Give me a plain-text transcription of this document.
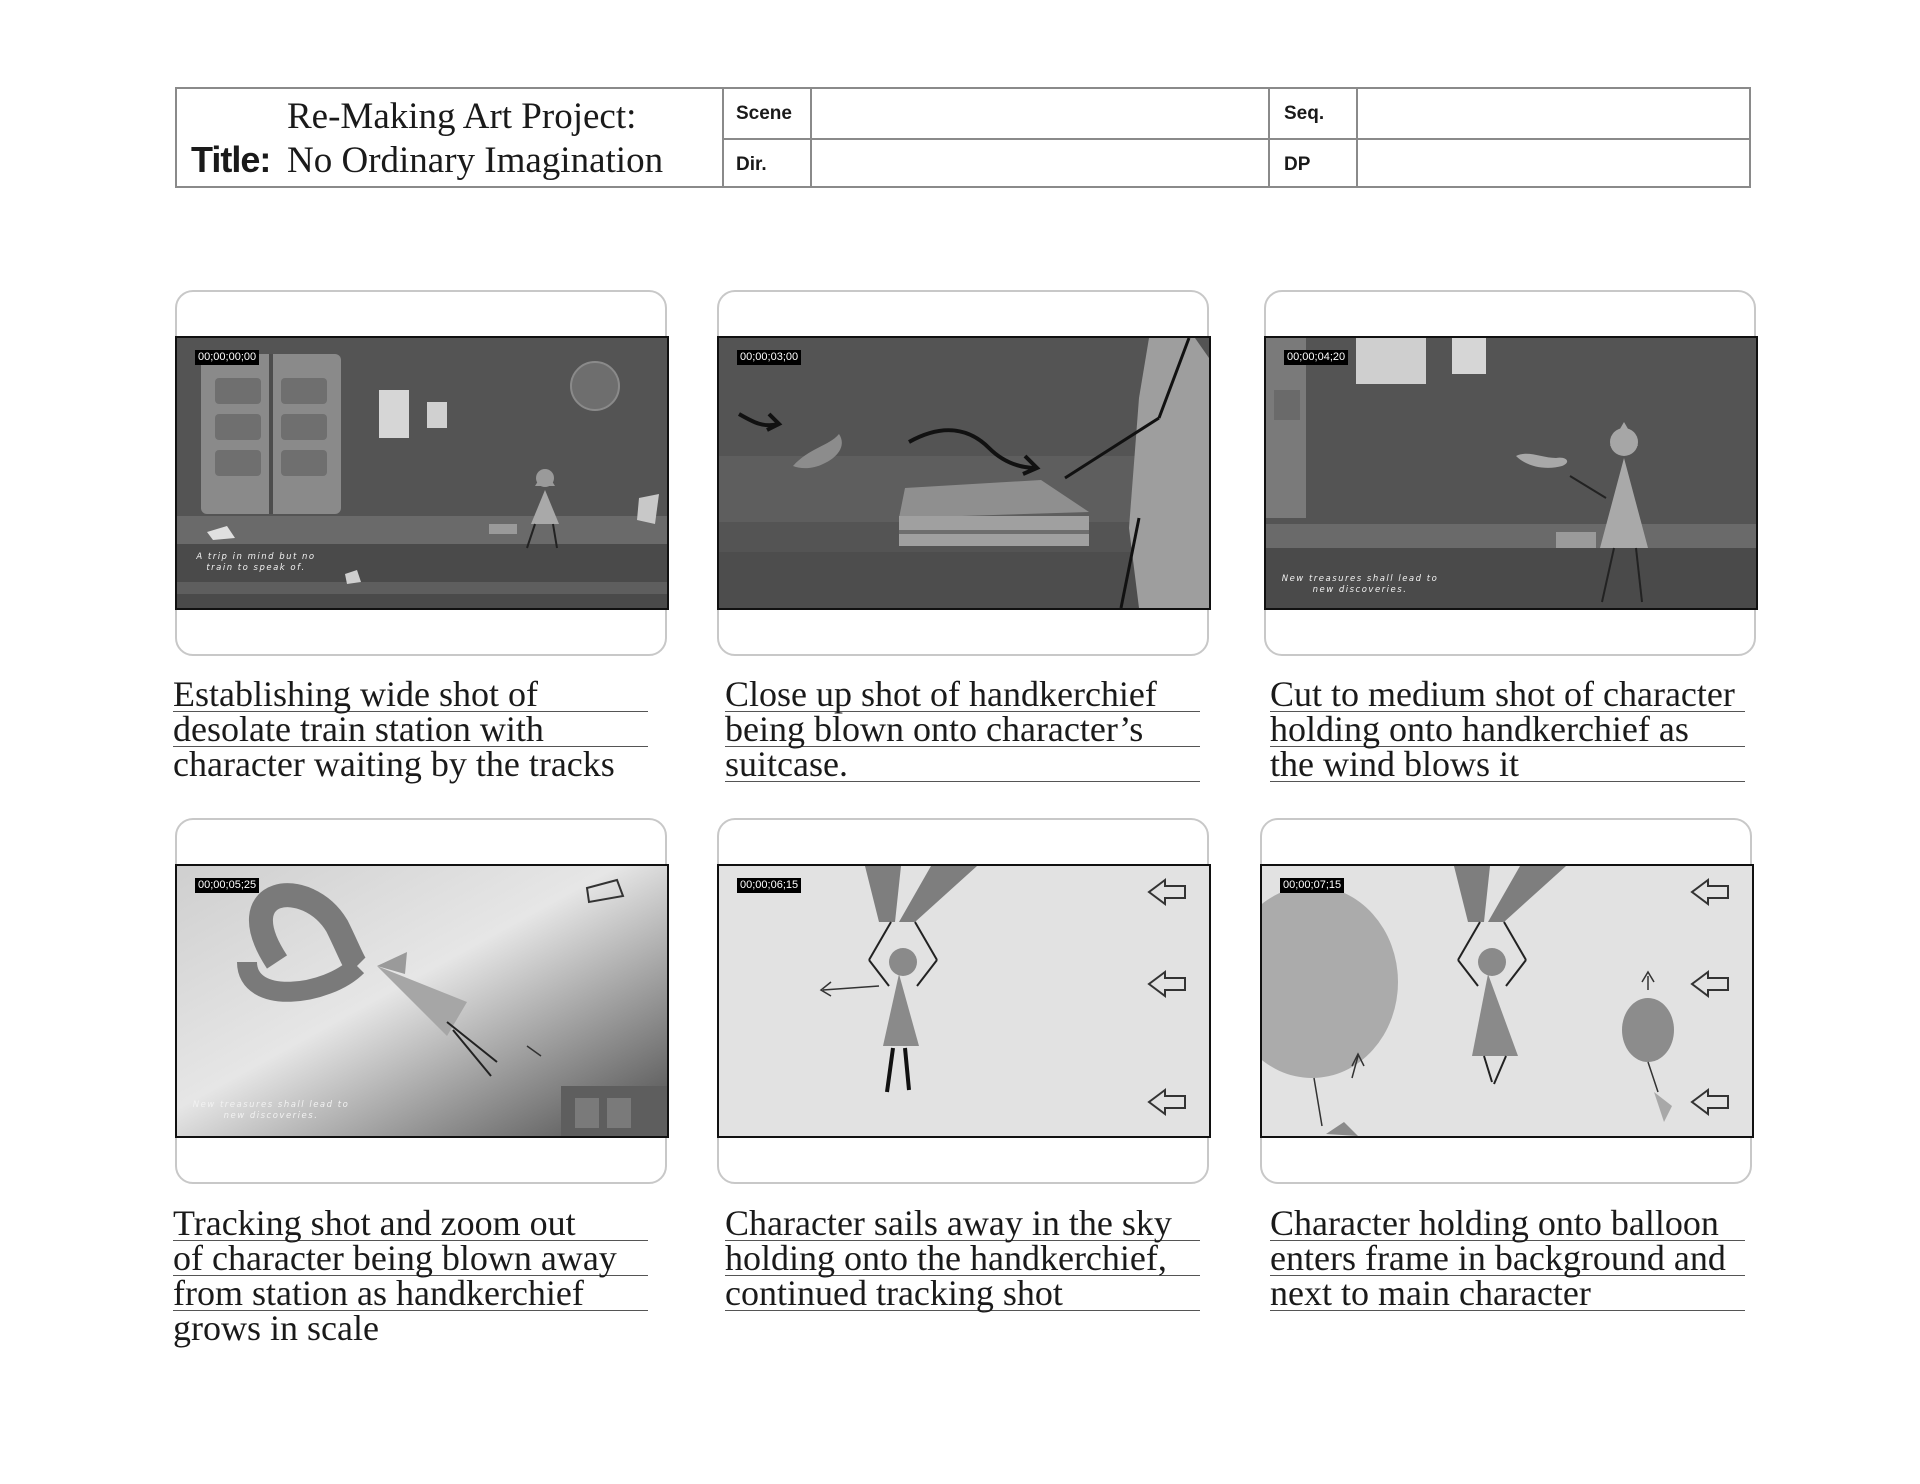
Re-Making Art Project:
Title: No Ordinary Imagination
Scene	Seq.
Dir.	DP
00;00;00;00
A trip in mind but no train to speak of.
00;00;03;00	00;00;04;20
New treasures shall lead to new discoveries.
00;00;05;25
New treasures shall lead to new discoveries.
00;00;06;15	00;00;07;15
Establishing wide shot of
desolate train station with
character waiting by the tracks
Close up shot of handkerchief
being blown onto character’s
suitcase.
Cut to medium shot of character
holding onto handkerchief as
the wind blows it
Tracking shot and zoom out
of character being blown away
from station as handkerchief
grows in scale
Character sails away in the sky
holding onto the handkerchief,
continued tracking shot
Character holding onto balloon
enters frame in background and
next to main character
